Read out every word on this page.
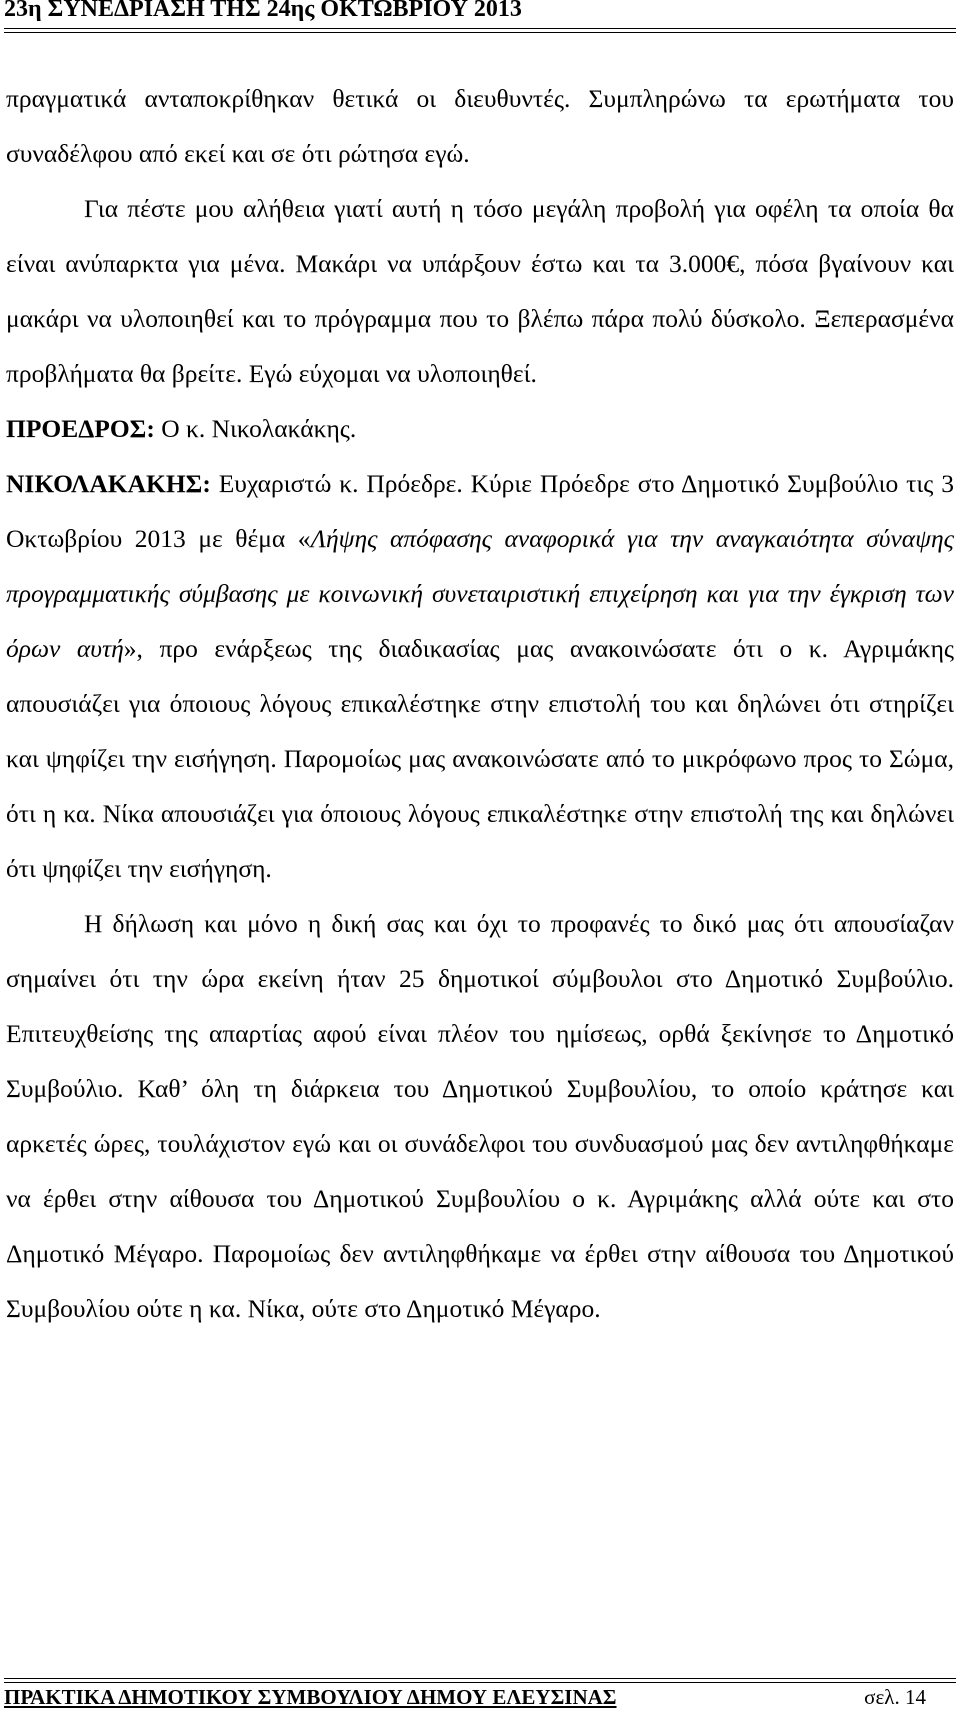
23η ΣΥΝΕΔΡΙΑΣΗ ΤΗΣ 24ης ΟΚΤΩΒΡΙΟΥ 2013

πραγματικά ανταποκρίθηκαν θετικά οι διευθυντές. Συμπληρώνω τα ερωτήματα του συναδέλφου από εκεί και σε ότι ρώτησα εγώ.

Για πέστε μου αλήθεια γιατί αυτή η τόσο μεγάλη προβολή για οφέλη τα οποία θα είναι ανύπαρκτα για μένα. Μακάρι να υπάρξουν έστω και τα 3.000€, πόσα βγαίνουν και μακάρι να υλοποιηθεί και το πρόγραμμα που το βλέπω πάρα πολύ δύσκολο. Ξεπερασμένα προβλήματα θα βρείτε. Εγώ εύχομαι να υλοποιηθεί.

ΠΡΟΕΔΡΟΣ: Ο κ. Νικολακάκης.

ΝΙΚΟΛΑΚΑΚΗΣ: Ευχαριστώ κ. Πρόεδρε. Κύριε Πρόεδρε στο Δημοτικό Συμβούλιο τις 3 Οκτωβρίου 2013 με θέμα «Λήψης απόφασης αναφορικά για την αναγκαιότητα σύναψης προγραμματικής σύμβασης με κοινωνική συνεταιριστική επιχείρηση και για την έγκριση των όρων αυτή», προ ενάρξεως της διαδικασίας μας ανακοινώσατε ότι ο κ. Αγριμάκης απουσιάζει για όποιους λόγους επικαλέστηκε στην επιστολή του και δηλώνει ότι στηρίζει και ψηφίζει την εισήγηση. Παρομοίως μας ανακοινώσατε από το μικρόφωνο προς το Σώμα, ότι η κα. Νίκα απουσιάζει για όποιους λόγους επικαλέστηκε στην επιστολή της και δηλώνει ότι ψηφίζει την εισήγηση.

Η δήλωση και μόνο η δική σας και όχι το προφανές το δικό μας ότι απουσίαζαν σημαίνει ότι την ώρα εκείνη ήταν 25 δημοτικοί σύμβουλοι στο Δημοτικό Συμβούλιο. Επιτευχθείσης της απαρτίας αφού είναι πλέον του ημίσεως, ορθά ξεκίνησε το Δημοτικό Συμβούλιο. Καθ’ όλη τη διάρκεια του Δημοτικού Συμβουλίου, το οποίο κράτησε και αρκετές ώρες, τουλάχιστον εγώ και οι συνάδελφοι του συνδυασμού μας δεν αντιληφθήκαμε να έρθει στην αίθουσα του Δημοτικού Συμβουλίου ο κ. Αγριμάκης αλλά ούτε και στο Δημοτικό Μέγαρο. Παρομοίως δεν αντιληφθήκαμε να έρθει στην αίθουσα του Δημοτικού Συμβουλίου ούτε η κα. Νίκα, ούτε στο Δημοτικό Μέγαρο.

ΠΡΑΚΤΙΚΑ ΔΗΜΟΤΙΚΟΥ ΣΥΜΒΟΥΛΙΟΥ ΔΗΜΟΥ ΕΛΕΥΣΙΝΑΣ	σελ. 14
